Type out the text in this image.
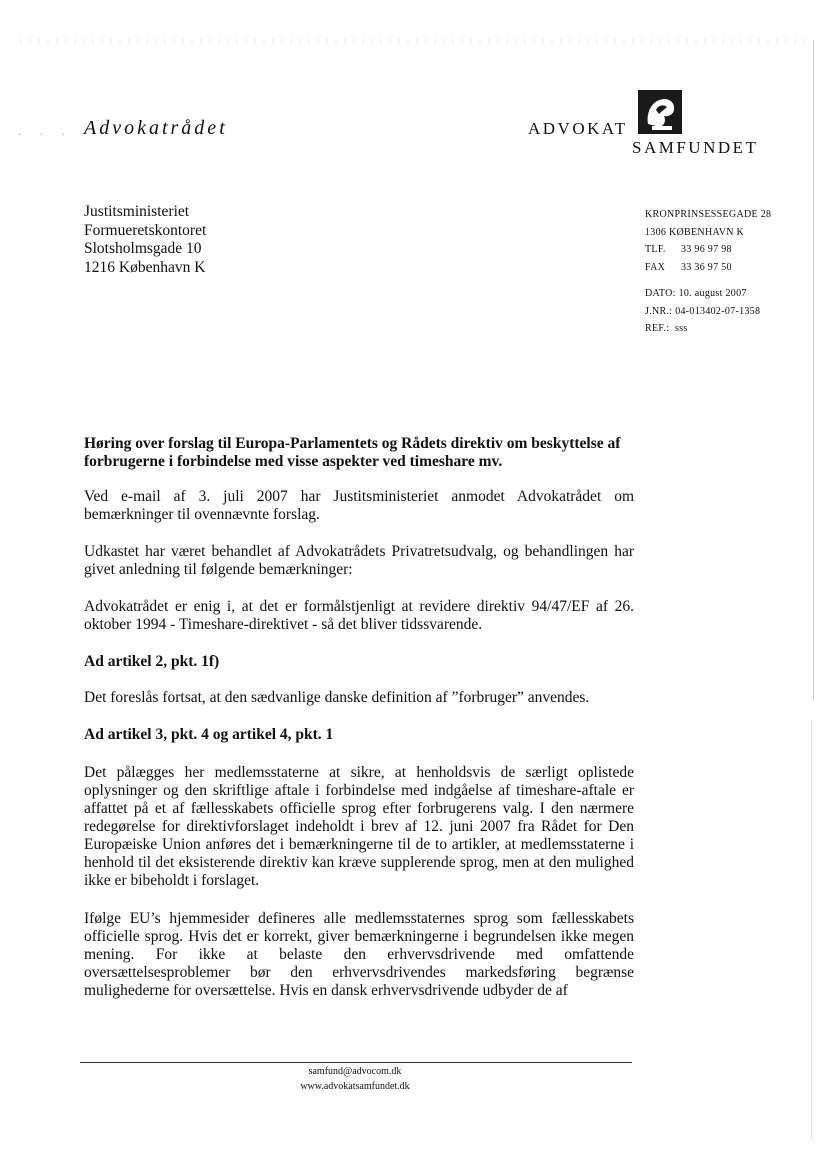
· · · Advokatrådet	ADVOKAT
SAMFUNDET
Justitsministeriet
Formueretskontoret
Slotsholmsgade 10
1216 København K
KRONPRINSESSEGADE 28
1306 KØBENHAVN K
TLF. 33 96 97 98
FAX 33 36 97 50
DATO: 10. august 2007
J.NR.: 04-013402-07-1358
REF.: sss
Høring over forslag til Europa-Parlamentets og Rådets direktiv om beskyttelse af forbrugerne i forbindelse med visse aspekter ved timeshare mv.
Ved e-mail af 3. juli 2007 har Justitsministeriet anmodet Advokatrådet om bemærkninger til ovennævnte forslag.
Udkastet har været behandlet af Advokatrådets Privatretsudvalg, og behandlingen har givet anledning til følgende bemærkninger:
Advokatrådet er enig i, at det er formålstjenligt at revidere direktiv 94/47/EF af 26. oktober 1994 - Timeshare-direktivet - så det bliver tidssvarende.
Ad artikel 2, pkt. 1f)
Det foreslås fortsat, at den sædvanlige danske definition af ”forbruger” anvendes.
Ad artikel 3, pkt. 4 og artikel 4, pkt. 1
Det pålægges her medlemsstaterne at sikre, at henholdsvis de særligt oplistede oplysninger og den skriftlige aftale i forbindelse med indgåelse af timeshare-aftale er affattet på et af fællesskabets officielle sprog efter forbrugerens valg. I den nærmere redegørelse for direktivforslaget indeholdt i brev af 12. juni 2007 fra Rådet for Den Europæiske Union anføres det i bemærkningerne til de to artikler, at medlemsstaterne i henhold til det eksisterende direktiv kan kræve supplerende sprog, men at den mulighed ikke er bibeholdt i forslaget.
Ifølge EU’s hjemmesider defineres alle medlemsstaternes sprog som fællesskabets officielle sprog. Hvis det er korrekt, giver bemærkningerne i begrundelsen ikke megen mening. For ikke at belaste den erhvervsdrivende med omfattende oversættelsesproblemer bør den erhvervsdrivendes markedsføring begrænse mulighederne for oversættelse. Hvis en dansk erhvervsdrivende udbyder de af
samfund@advocom.dk
www.advokatsamfundet.dk
